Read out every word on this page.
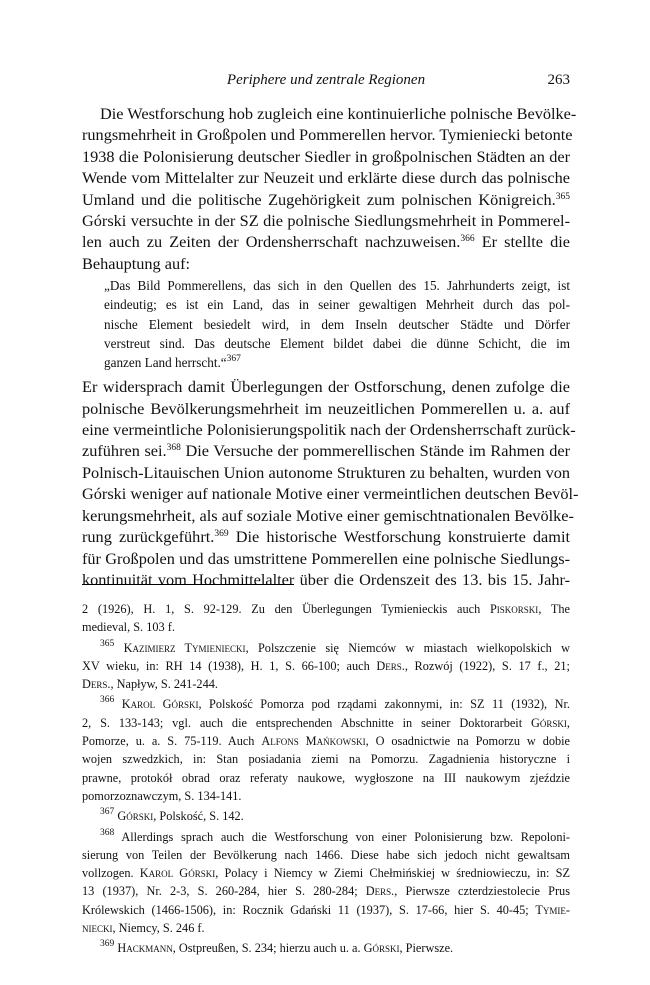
Periphere und zentrale Regionen	263
Die Westforschung hob zugleich eine kontinuierliche polnische Bevölke-
rungsmehrheit in Großpolen und Pommerellen hervor. Tymieniecki betonte
1938 die Polonisierung deutscher Siedler in großpolnischen Städten an der
Wende vom Mittelalter zur Neuzeit und erklärte diese durch das polnische
Umland und die politische Zugehörigkeit zum polnischen Königreich.$^{365}$
Górski versuchte in der SZ die polnische Siedlungsmehrheit in Pommerel-
len auch zu Zeiten der Ordensherrschaft nachzuweisen.$^{366}$ Er stellte die
Behauptung auf:
„Das Bild Pommerellens, das sich in den Quellen des 15. Jahrhunderts zeigt, ist
eindeutig; es ist ein Land, das in seiner gewaltigen Mehrheit durch das pol-
nische Element besiedelt wird, in dem Inseln deutscher Städte und Dörfer
verstreut sind. Das deutsche Element bildet dabei die dünne Schicht, die im
ganzen Land herrscht.“$^{367}$
Er widersprach damit Überlegungen der Ostforschung, denen zufolge die
polnische Bevölkerungsmehrheit im neuzeitlichen Pommerellen u. a. auf
eine vermeintliche Polonisierungspolitik nach der Ordensherrschaft zurück-
zuführen sei.$^{368}$ Die Versuche der pommerellischen Stände im Rahmen der
Polnisch-Litauischen Union autonome Strukturen zu behalten, wurden von
Górski weniger auf nationale Motive einer vermeintlichen deutschen Bevöl-
kerungsmehrheit, als auf soziale Motive einer gemischtnationalen Bevölke-
rung zurückgeführt.$^{369}$ Die historische Westforschung konstruierte damit
für Großpolen und das umstrittene Pommerellen eine polnische Siedlungs-
kontinuität vom Hochmittelalter über die Ordenszeit des 13. bis 15. Jahr-
2 (1926), H. 1, S. 92-129. Zu den Überlegungen Tymienieckis auch Piskorski, The
medieval, S. 103 f.
$^{365}$ Kazimierz Tymieniecki, Polszczenie się Niemców w miastach wielkopolskich w
XV wieku, in: RH 14 (1938), H. 1, S. 66-100; auch Ders., Rozwój (1922), S. 17 f., 21;
Ders., Napływ, S. 241-244.
$^{366}$ Karol Górski, Polskość Pomorza pod rządami zakonnymi, in: SZ 11 (1932), Nr.
2, S. 133-143; vgl. auch die entsprechenden Abschnitte in seiner Doktorarbeit Górski,
Pomorze, u. a. S. 75-119. Auch Alfons Mańkowski, O osadnictwie na Pomorzu w dobie
wojen szwedzkich, in: Stan posiadania ziemi na Pomorzu. Zagadnienia historyczne i
prawne, protokół obrad oraz referaty naukowe, wygłoszone na III naukowym zjeździe
pomorzoznawczym, S. 134-141.
$^{367}$ Górski, Polskość, S. 142.
$^{368}$ Allerdings sprach auch die Westforschung von einer Polonisierung bzw. Repoloni-
sierung von Teilen der Bevölkerung nach 1466. Diese habe sich jedoch nicht gewaltsam
vollzogen. Karol Górski, Polacy i Niemcy w Ziemi Chełmińskiej w średniowieczu, in: SZ
13 (1937), Nr. 2-3, S. 260-284, hier S. 280-284; Ders., Pierwsze czterdziestolecie Prus
Królewskich (1466-1506), in: Rocznik Gdański 11 (1937), S. 17-66, hier S. 40-45; Tymie-
niecki, Niemcy, S. 246 f.
$^{369}$ Hackmann, Ostpreußen, S. 234; hierzu auch u. a. Górski, Pierwsze.
